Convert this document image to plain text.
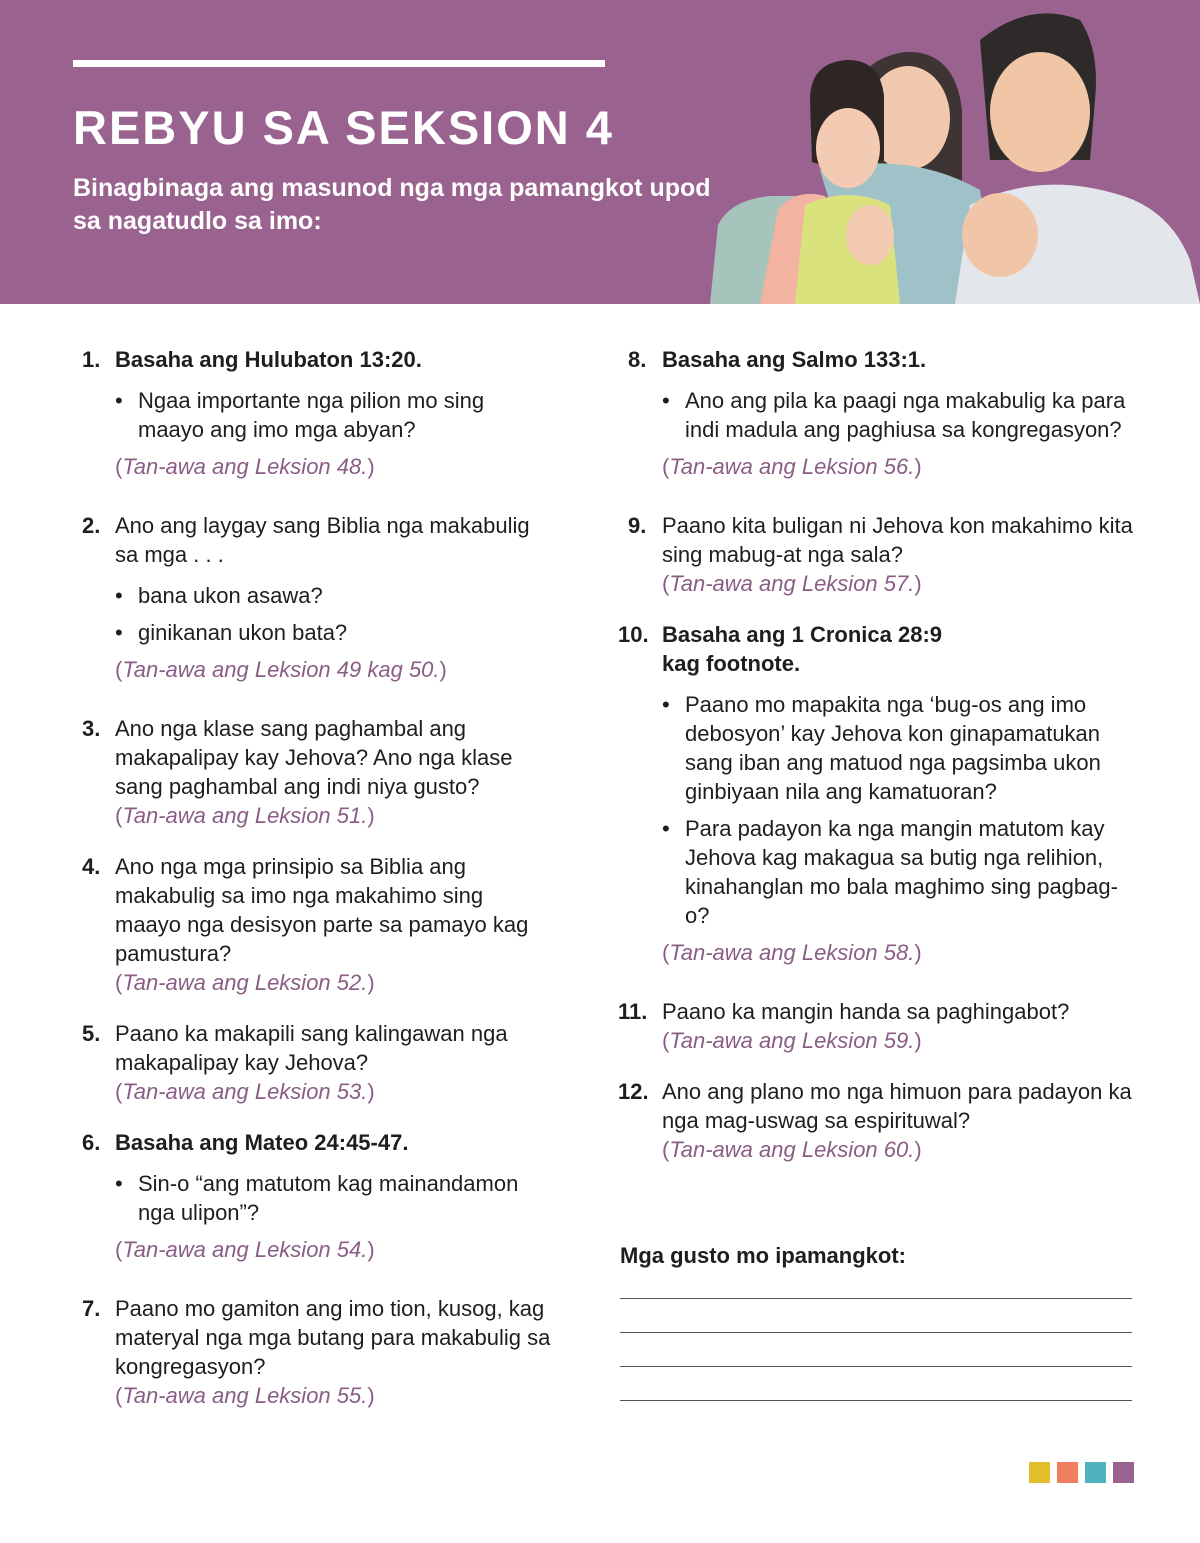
REBYU SA SEKSION 4

Binagbinaga ang masunod nga mga pamangkot upod sa nagatudlo sa imo:

1. Basaha ang Hulubaton 13:20.
• Ngaa importante nga pilion mo sing maayo ang imo mga abyan?
(Tan-awa ang Leksion 48.)
2. Ano ang laygay sang Biblia nga makabulig sa mga . . .
• bana ukon asawa?
• ginikanan ukon bata?
(Tan-awa ang Leksion 49 kag 50.)
3. Ano nga klase sang paghambal ang makapalipay kay Jehova? Ano nga klase sang paghambal ang indi niya gusto?
(Tan-awa ang Leksion 51.)
4. Ano nga mga prinsipio sa Biblia ang makabulig sa imo nga makahimo sing maayo nga desisyon parte sa pamayo kag pamustura?
(Tan-awa ang Leksion 52.)
5. Paano ka makapili sang kalingawan nga makapalipay kay Jehova?
(Tan-awa ang Leksion 53.)
6. Basaha ang Mateo 24:45-47.
• Sin-o “ang matutom kag mainandamon nga ulipon”?
(Tan-awa ang Leksion 54.)
7. Paano mo gamiton ang imo tion, kusog, kag materyal nga mga butang para makabulig sa kongregasyon?
(Tan-awa ang Leksion 55.)
8. Basaha ang Salmo 133:1.
• Ano ang pila ka paagi nga makabulig ka para indi madula ang paghiusa sa kongregasyon?
(Tan-awa ang Leksion 56.)
9. Paano kita buligan ni Jehova kon makahimo kita sing mabug-at nga sala?
(Tan-awa ang Leksion 57.)
10. Basaha ang 1 Cronica 28:9 kag footnote.
• Paano mo mapakita nga ‘bug-os ang imo debosyon’ kay Jehova kon ginapamatukan sang iban ang matuod nga pagsimba ukon ginbiyaan nila ang kamatuoran?
• Para padayon ka nga mangin matutom kay Jehova kag makagua sa butig nga relihion, kinahanglan mo bala maghimo sing pagbag-o?
(Tan-awa ang Leksion 58.)
11. Paano ka mangin handa sa paghingabot?
(Tan-awa ang Leksion 59.)
12. Ano ang plano mo nga himuon para padayon ka nga mag-uswag sa espirituwal?
(Tan-awa ang Leksion 60.)

Mga gusto mo ipamangkot:
